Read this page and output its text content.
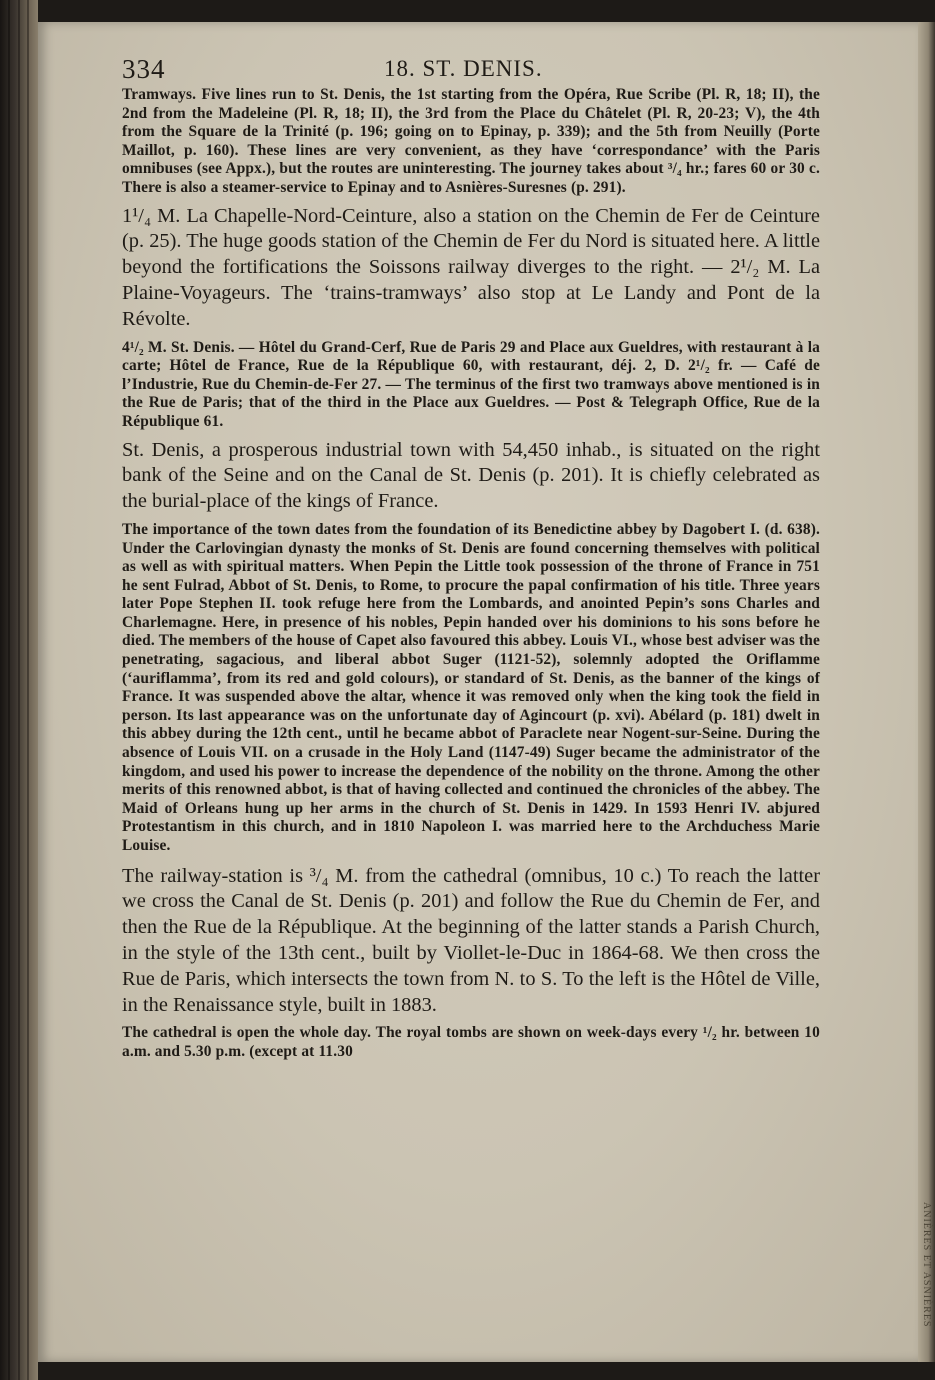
ANIÈRES ET ASNIÈRES
334	18. ST. DENIS.

Tramways. Five lines run to St. Denis, the 1st starting from the Opéra, Rue Scribe (Pl. R, 18; II), the 2nd from the Madeleine (Pl. R, 18; II), the 3rd from the Place du Châtelet (Pl. R, 20-23; V), the 4th from the Square de la Trinité (p. 196; going on to Epinay, p. 339); and the 5th from Neuilly (Porte Maillot, p. 160). These lines are very convenient, as they have ‘correspondance’ with the Paris omnibuses (see Appx.), but the routes are uninteresting. The journey takes about ³/₄ hr.; fares 60 or 30 c. There is also a steamer-service to Epinay and to Asnières-Suresnes (p. 291).

1¹/₄ M. La Chapelle-Nord-Ceinture, also a station on the Chemin de Fer de Ceinture (p. 25). The huge goods station of the Chemin de Fer du Nord is situated here. A little beyond the fortifications the Soissons railway diverges to the right. — 2¹/₂ M. La Plaine-Voyageurs. The ‘trains-tramways’ also stop at Le Landy and Pont de la Révolte.

4¹/₂ M. St. Denis. — Hôtel du Grand-Cerf, Rue de Paris 29 and Place aux Gueldres, with restaurant à la carte; Hôtel de France, Rue de la République 60, with restaurant, déj. 2, D. 2¹/₂ fr. — Café de l’Industrie, Rue du Chemin-de-Fer 27. — The terminus of the first two tramways above mentioned is in the Rue de Paris; that of the third in the Place aux Gueldres. — Post & Telegraph Office, Rue de la République 61.

St. Denis, a prosperous industrial town with 54,450 inhab., is situated on the right bank of the Seine and on the Canal de St. Denis (p. 201). It is chiefly celebrated as the burial-place of the kings of France.

The importance of the town dates from the foundation of its Benedictine abbey by Dagobert I. (d. 638). Under the Carlovingian dynasty the monks of St. Denis are found concerning themselves with political as well as with spiritual matters. When Pepin the Little took possession of the throne of France in 751 he sent Fulrad, Abbot of St. Denis, to Rome, to procure the papal confirmation of his title. Three years later Pope Stephen II. took refuge here from the Lombards, and anointed Pepin’s sons Charles and Charlemagne. Here, in presence of his nobles, Pepin handed over his dominions to his sons before he died. The members of the house of Capet also favoured this abbey. Louis VI., whose best adviser was the penetrating, sagacious, and liberal abbot Suger (1121-52), solemnly adopted the Oriflamme (‘auriflamma’, from its red and gold colours), or standard of St. Denis, as the banner of the kings of France. It was suspended above the altar, whence it was removed only when the king took the field in person. Its last appearance was on the unfortunate day of Agincourt (p. xvi). Abélard (p. 181) dwelt in this abbey during the 12th cent., until he became abbot of Paraclete near Nogent-sur-Seine. During the absence of Louis VII. on a crusade in the Holy Land (1147-49) Suger became the administrator of the kingdom, and used his power to increase the dependence of the nobility on the throne. Among the other merits of this renowned abbot, is that of having collected and continued the chronicles of the abbey. The Maid of Orleans hung up her arms in the church of St. Denis in 1429. In 1593 Henri IV. abjured Protestantism in this church, and in 1810 Napoleon I. was married here to the Archduchess Marie Louise.

The railway-station is ³/₄ M. from the cathedral (omnibus, 10 c.) To reach the latter we cross the Canal de St. Denis (p. 201) and follow the Rue du Chemin de Fer, and then the Rue de la République. At the beginning of the latter stands a Parish Church, in the style of the 13th cent., built by Viollet-le-Duc in 1864-68. We then cross the Rue de Paris, which intersects the town from N. to S. To the left is the Hôtel de Ville, in the Renaissance style, built in 1883.

The cathedral is open the whole day. The royal tombs are shown on week-days every ¹/₂ hr. between 10 a.m. and 5.30 p.m. (except at 11.30
